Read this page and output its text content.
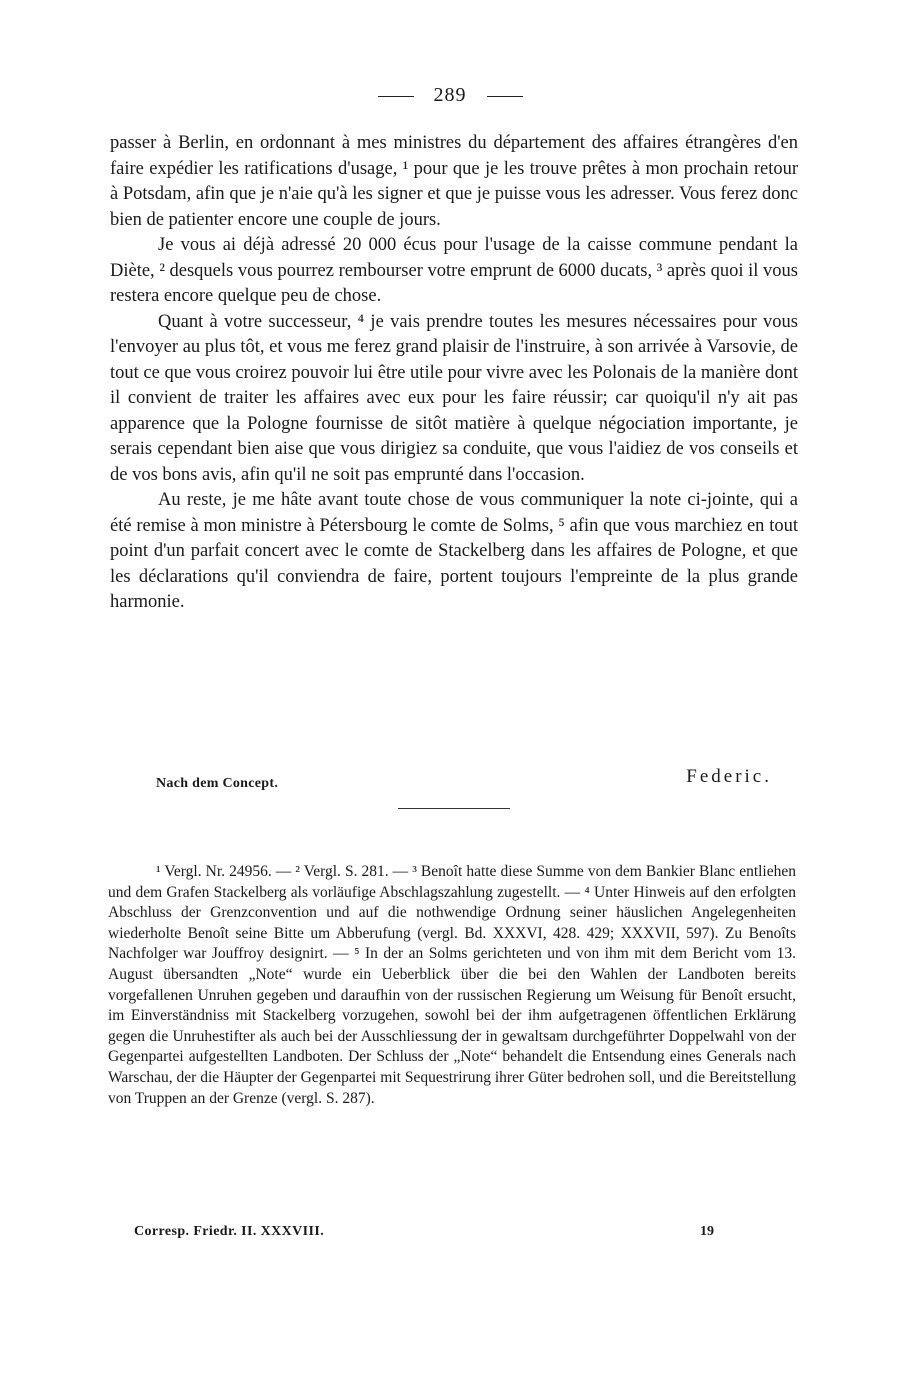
289

passer à Berlin, en ordonnant à mes ministres du département des affaires étrangères d'en faire expédier les ratifications d'usage, ¹ pour que je les trouve prêtes à mon prochain retour à Potsdam, afin que je n'aie qu'à les signer et que je puisse vous les adresser. Vous ferez donc bien de patienter encore une couple de jours.

Je vous ai déjà adressé 20 000 écus pour l'usage de la caisse commune pendant la Diète, ² desquels vous pourrez rembourser votre emprunt de 6000 ducats, ³ après quoi il vous restera encore quelque peu de chose.

Quant à votre successeur, ⁴ je vais prendre toutes les mesures nécessaires pour vous l'envoyer au plus tôt, et vous me ferez grand plaisir de l'instruire, à son arrivée à Varsovie, de tout ce que vous croirez pouvoir lui être utile pour vivre avec les Polonais de la manière dont il convient de traiter les affaires avec eux pour les faire réussir; car quoiqu'il n'y ait pas apparence que la Pologne fournisse de sitôt matière à quelque négociation importante, je serais cependant bien aise que vous dirigiez sa conduite, que vous l'aidiez de vos conseils et de vos bons avis, afin qu'il ne soit pas emprunté dans l'occasion.

Au reste, je me hâte avant toute chose de vous communiquer la note ci-jointe, qui a été remise à mon ministre à Pétersbourg le comte de Solms, ⁵ afin que vous marchiez en tout point d'un parfait concert avec le comte de Stackelberg dans les affaires de Pologne, et que les déclarations qu'il conviendra de faire, portent toujours l'empreinte de la plus grande harmonie.

Nach dem Concept.	Federic.

¹ Vergl. Nr. 24956. — ² Vergl. S. 281. — ³ Benoît hatte diese Summe von dem Bankier Blanc entliehen und dem Grafen Stackelberg als vorläufige Abschlagszahlung zugestellt. — ⁴ Unter Hinweis auf den erfolgten Abschluss der Grenzconvention und auf die nothwendige Ordnung seiner häuslichen Angelegenheiten wiederholte Benoît seine Bitte um Abberufung (vergl. Bd. XXXVI, 428. 429; XXXVII, 597). Zu Benoîts Nachfolger war Jouffroy designirt. — ⁵ In der an Solms gerichteten und von ihm mit dem Bericht vom 13. August übersandten „Note“ wurde ein Ueberblick über die bei den Wahlen der Landboten bereits vorgefallenen Unruhen gegeben und daraufhin von der russischen Regierung um Weisung für Benoît ersucht, im Einverständniss mit Stackelberg vorzugehen, sowohl bei der ihm aufgetragenen öffentlichen Erklärung gegen die Unruhestifter als auch bei der Ausschliessung der in gewaltsam durchgeführter Doppelwahl von der Gegenpartei aufgestellten Landboten. Der Schluss der „Note“ behandelt die Entsendung eines Generals nach Warschau, der die Häupter der Gegenpartei mit Sequestrirung ihrer Güter bedrohen soll, und die Bereitstellung von Truppen an der Grenze (vergl. S. 287).

Corresp. Friedr. II. XXXVIII.	19
